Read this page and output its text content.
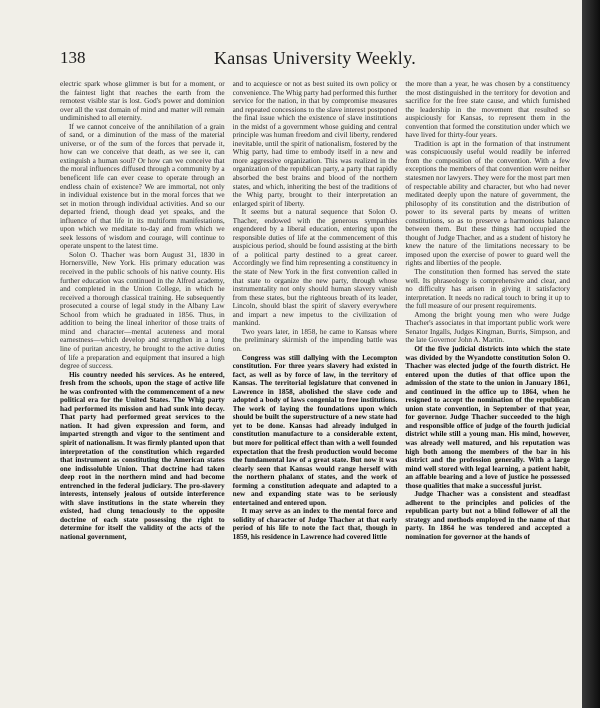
138	Kansas University Weekly.

electric spark whose glimmer is but for a moment, or the faintest light that reaches the earth from the remotest visible star is lost. God's power and dominion over all the vast domain of mind and matter will remain undiminished to all eternity.

If we cannot conceive of the annihilation of a grain of sand, or a diminution of the mass of the material universe, or of the sum of the forces that pervade it, how can we conceive that death, as we see it, can extinguish a human soul? Or how can we conceive that the moral influences diffused through a community by a beneficent life can ever cease to operate through an endless chain of existence? We are immortal, not only in individual existence but in the moral forces that we set in motion through individual activities. And so our departed friend, though dead yet speaks, and the influence of that life in its multiform manifestations, upon which we meditate to-day and from which we seek lessons of wisdom and courage, will continue to operate unspent to the latest time.

Solon O. Thacher was born August 31, 1830 in Hornersville, New York. His primary education was received in the public schools of his native county. His further education was continued in the Alfred academy, and completed in the Union College, in which he received a thorough classical training. He subsequently prosecuted a course of legal study in the Albany Law School from which he graduated in 1856. Thus, in addition to being the lineal inheritor of those traits of mind and character—mental acuteness and moral earnestness—which develop and strengthen in a long line of puritan ancestry, he brought to the active duties of life a preparation and equipment that insured a high degree of success.

His country needed his services. As he entered, fresh from the schools, upon the stage of active life he was confronted with the commencement of a new political era for the United States. The Whig party had performed its mission and had sunk into decay. That party had performed great services to the nation. It had given expression and form, and imparted strength and vigor to the sentiment and spirit of nationalism. It was firmly planted upon that interpretation of the constitution which regarded that instrument as constituting the American states one indissoluble Union. That doctrine had taken deep root in the northern mind and had become entrenched in the federal judiciary. The pro-slavery interests, intensely jealous of outside interference with slave institutions in the state wherein they existed, had clung tenaciously to the opposite doctrine of each state possessing the right to determine for itself the validity of the acts of the national government,

and to acquiesce or not as best suited its own policy or convenience. The Whig party had performed this further service for the nation, in that by compromise measures and repeated concessions to the slave interest postponed the final issue which the existence of slave institutions in the midst of a government whose guiding and central principle was human freedom and civil liberty, rendered inevitable, until the spirit of nationalism, fostered by the Whig party, had time to embody itself in a new and more aggressive organization. This was realized in the organization of the republican party, a party that rapidly absorbed the best brains and blood of the northern states, and which, inheriting the best of the traditions of the Whig party, brought to their interpretation an enlarged spirit of liberty.

It seems but a natural sequence that Solon O. Thacher, endowed with the generous sympathies engendered by a liberal education, entering upon the responsible duties of life at the commencement of this auspicious period, should be found assisting at the birth of a political party destined to a great career. Accordingly we find him representing a constituency in the state of New York in the first convention called in that state to organize the new party, through whose instrumentality not only should human slavery vanish from these states, but the righteous breath of its leader, Lincoln, should blast the spirit of slavery everywhere and impart a new impetus to the civilization of mankind.

Two years later, in 1858, he came to Kansas where the preliminary skirmish of the impending battle was on.

Congress was still dallying with the Lecompton constitution. For three years slavery had existed in fact, as well as by force of law, in the territory of Kansas. The territorial legislature that convened in Lawrence in 1858, abolished the slave code and adopted a body of laws congenial to free institutions. The work of laying the foundations upon which should be built the superstructure of a new state had yet to be done. Kansas had already indulged in constitution manufacture to a considerable extent, but more for political effect than with a well founded expectation that the fresh production would become the fundamental law of a great state. But now it was clearly seen that Kansas would range herself with the northern phalanx of states, and the work of forming a constitution adequate and adapted to a new and expanding state was to be seriously entertained and entered upon.

It may serve as an index to the mental force and solidity of character of Judge Thacher at that early period of his life to note the fact that, though in 1859, his residence in Lawrence had covered little

the more than a year, he was chosen by a constituency the most distinguished in the territory for devotion and sacrifice for the free state cause, and which furnished the leadership in the movement that resulted so auspiciously for Kansas, to represent them in the convention that formed the constitution under which we have lived for thirty-four years.

Tradition is apt in the formation of that instrument was conspicuously useful would readily be inferred from the composition of the convention. With a few exceptions the members of that convention were neither statesmen nor lawyers. They were for the most part men of respectable ability and character, but who had never meditated deeply upon the nature of government, the philosophy of its constitution and the distribution of power to its several parts by means of written constitutions, so as to preserve a harmonious balance between them. But these things had occupied the thought of Judge Thacher, and as a student of history he knew the nature of the limitations necessary to be imposed upon the exercise of power to guard well the rights and liberties of the people.

The constitution then formed has served the state well. Its phraseology is comprehensive and clear, and no difficulty has arisen in giving it satisfactory interpretation. It needs no radical touch to bring it up to the full measure of our present requirements.

Among the bright young men who were Judge Thacher's associates in that important public work were Senator Ingalls, Judges Kingman, Burris, Simpson, and the late Governor John A. Martin.

Of the five judicial districts into which the state was divided by the Wyandotte constitution Solon O. Thacher was elected judge of the fourth district. He entered upon the duties of that office upon the admission of the state to the union in January 1861, and continued in the office up to 1864, when he resigned to accept the nomination of the republican union state convention, in September of that year, for governor. Judge Thacher succeeded to the high and responsible office of judge of the fourth judicial district while still a young man. His mind, however, was already well matured, and his reputation was high both among the members of the bar in his district and the profession generally. With a large mind well stored with legal learning, a patient habit, an affable bearing and a love of justice he possessed those qualities that make a successful jurist.

Judge Thacher was a consistent and steadfast adherent to the principles and policies of the republican party but not a blind follower of all the strategy and methods employed in the name of that party. In 1864 he was tendered and accepted a nomination for governor at the hands of
